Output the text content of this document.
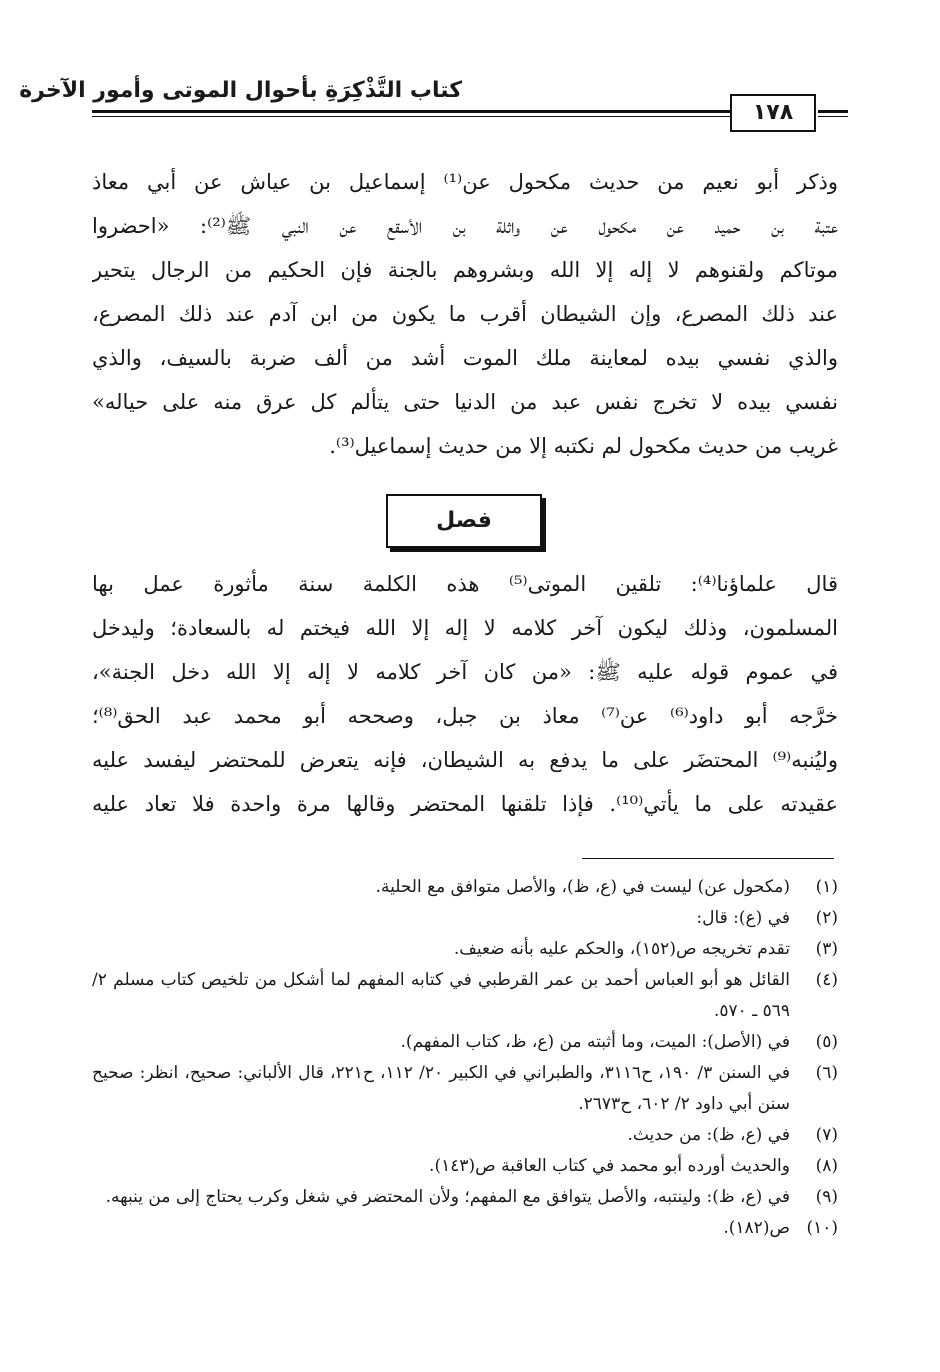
كتاب التَّذْكِرَةِ بأحوال الموتى وأمور الآخرة
١٧٨
وذكر أبو نعيم من حديث مكحول عن⁽¹⁾ إسماعيل بن عياش عن أبي معاذ
عتبة بن حميد عن مكحول عن واثلة بن الأسقع عن النبي ﷺ⁽²⁾: «احضروا
موتاكم ولقنوهم لا إله إلا الله وبشروهم بالجنة فإن الحكيم من الرجال يتحير
عند ذلك المصرع، وإن الشيطان أقرب ما يكون من ابن آدم عند ذلك المصرع،
والذي نفسي بيده لمعاينة ملك الموت أشد من ألف ضربة بالسيف، والذي
نفسي بيده لا تخرج نفس عبد من الدنيا حتى يتألم كل عرق منه على حياله»
غريب من حديث مكحول لم نكتبه إلا من حديث إسماعيل⁽³⁾.
فصل
قال علماؤنا⁽⁴⁾: تلقين الموتى⁽⁵⁾ هذه الكلمة سنة مأثورة عمل بها
المسلمون، وذلك ليكون آخر كلامه لا إله إلا الله فيختم له بالسعادة؛ وليدخل
في عموم قوله عليه ﷺ: «من كان آخر كلامه لا إله إلا الله دخل الجنة»،
خرَّجه أبو داود⁽⁶⁾ عن⁽⁷⁾ معاذ بن جبل، وصححه أبو محمد عبد الحق⁽⁸⁾؛
وليُنبه⁽⁹⁾ المحتضَر على ما يدفع به الشيطان، فإنه يتعرض للمحتضر ليفسد عليه
عقيدته على ما يأتي⁽¹⁰⁾. فإذا تلقنها المحتضر وقالها مرة واحدة فلا تعاد عليه
(١)
(مكحول عن) ليست في (ع، ظ)، والأصل متوافق مع الحلية.
(٢)
في (ع): قال:
(٣)
تقدم تخريجه ص(١٥٢)، والحكم عليه بأنه ضعيف.
(٤)
القائل هو أبو العباس أحمد بن عمر القرطبي في كتابه المفهم لما أشكل من تلخيص كتاب مسلم ٢/ ٥٦٩ ـ ٥٧٠.
(٥)
في (الأصل): الميت، وما أثبته من (ع، ظ، كتاب المفهم).
(٦)
في السنن ٣/ ١٩٠، ح٣١١٦، والطبراني في الكبير ٢٠/ ١١٢، ح٢٢١، قال الألباني: صحيح، انظر: صحيح سنن أبي داود ٢/ ٦٠٢، ح٢٦٧٣.
(٧)
في (ع، ظ): من حديث.
(٨)
والحديث أورده أبو محمد في كتاب العاقبة ص(١٤٣).
(٩)
في (ع، ظ): ولينتبه، والأصل يتوافق مع المفهم؛ ولأن المحتضر في شغل وكرب يحتاج إلى من ينبهه.
(١٠)
ص(١٨٢).
